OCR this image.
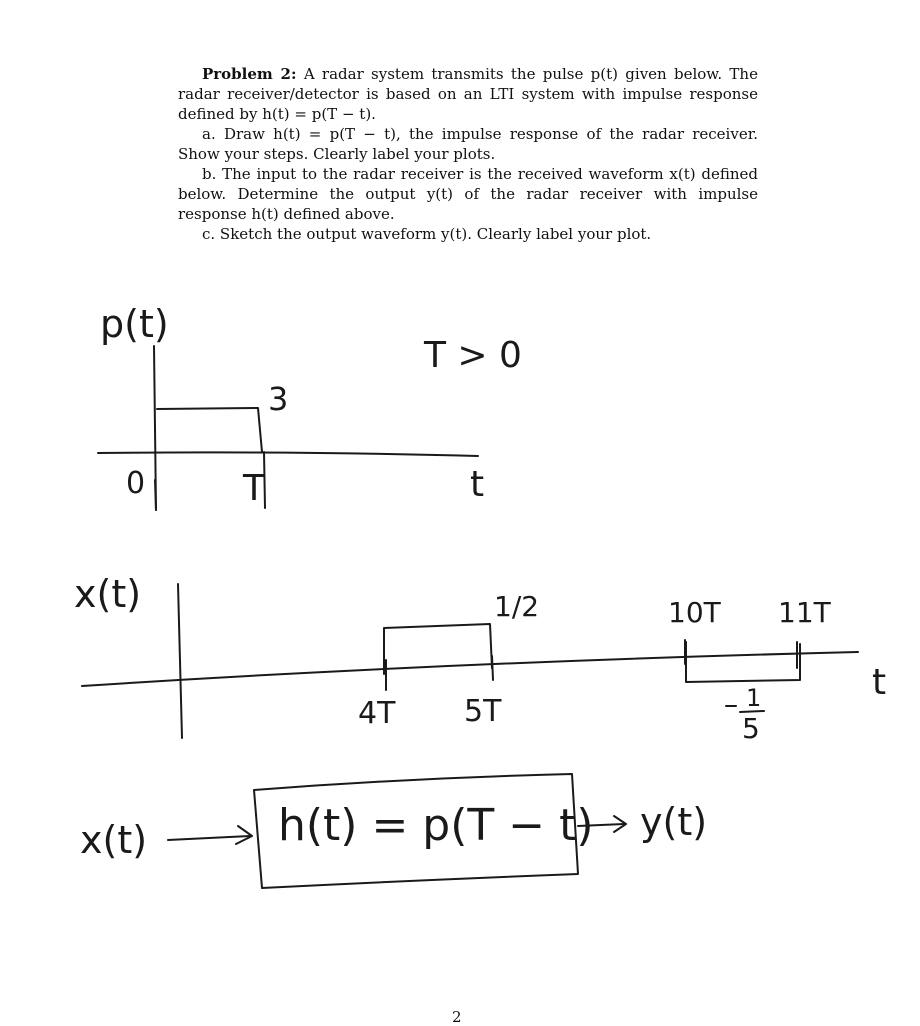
Problem 2: A radar system transmits the pulse p(t) given below. The radar receiver/detector is based on an LTI system with impulse response defined by h(t) = p(T − t).

a. Draw h(t) = p(T − t), the impulse response of the radar receiver. Show your steps. Clearly label your plots.

b. The input to the radar receiver is the received waveform x(t) defined below. Determine the output y(t) of the radar receiver with impulse response h(t) defined above.

c. Sketch the output waveform y(t). Clearly label your plot.

p(t)
T > 0
3
0	T	t
x(t)	1/2
4T 5T
10T 11T
1
5
t
x(t)	h(t) = p(T − t) y(t)
2
